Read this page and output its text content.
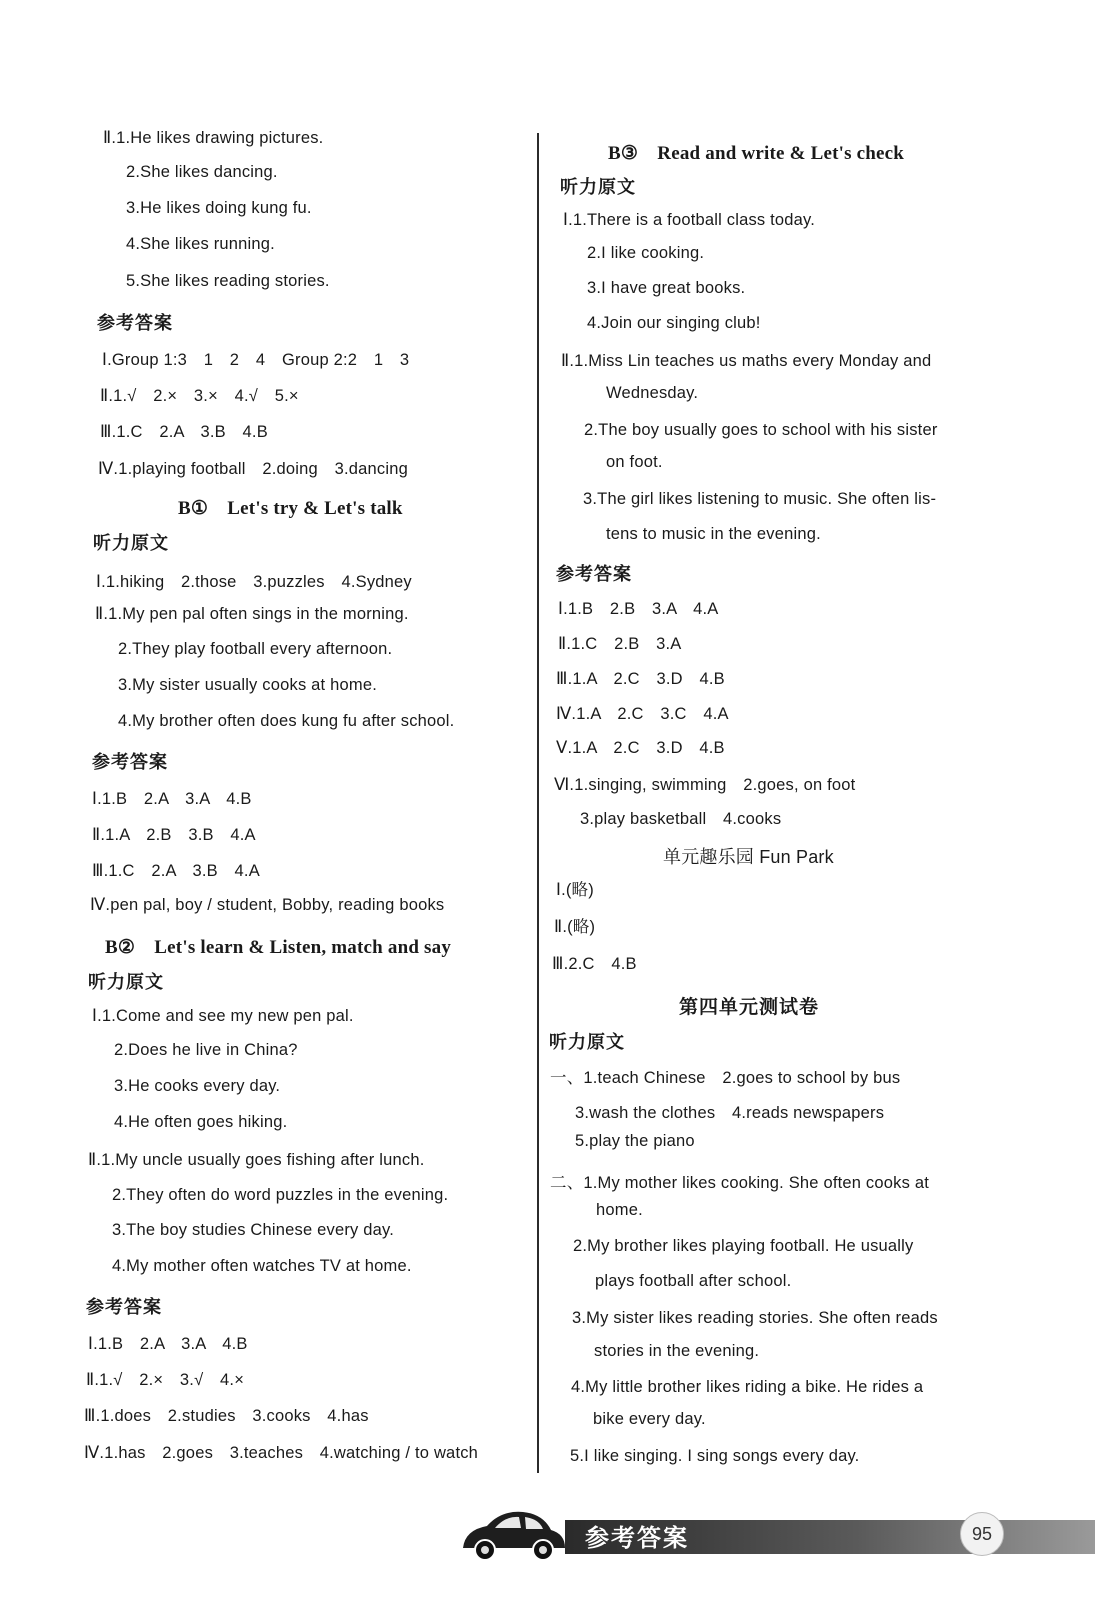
Ⅱ.1.He likes drawing pictures.
2.She likes dancing.
3.He likes doing kung fu.
4.She likes running.
5.She likes reading stories.
参考答案
Ⅰ.Group 1:3　1　2　4　Group 2:2　1　3
Ⅱ.1.√　2.×　3.×　4.√　5.×
Ⅲ.1.C　2.A　3.B　4.B
Ⅳ.1.playing football　2.doing　3.dancing
B①　Let's try & Let's talk
听力原文
Ⅰ.1.hiking　2.those　3.puzzles　4.Sydney
Ⅱ.1.My pen pal often sings in the morning.
2.They play football every afternoon.
3.My sister usually cooks at home.
4.My brother often does kung fu after school.
参考答案
Ⅰ.1.B　2.A　3.A　4.B
Ⅱ.1.A　2.B　3.B　4.A
Ⅲ.1.C　2.A　3.B　4.A
Ⅳ.pen pal, boy / student, Bobby, reading books
B②　Let's learn & Listen, match and say
听力原文
Ⅰ.1.Come and see my new pen pal.
2.Does he live in China?
3.He cooks every day.
4.He often goes hiking.
Ⅱ.1.My uncle usually goes fishing after lunch.
2.They often do word puzzles in the evening.
3.The boy studies Chinese every day.
4.My mother often watches TV at home.
参考答案
Ⅰ.1.B　2.A　3.A　4.B
Ⅱ.1.√　2.×　3.√　4.×
Ⅲ.1.does　2.studies　3.cooks　4.has
Ⅳ.1.has　2.goes　3.teaches　4.watching / to watch
B③　Read and write & Let's check
听力原文
Ⅰ.1.There is a football class today.
2.I like cooking.
3.I have great books.
4.Join our singing club!
Ⅱ.1.Miss Lin teaches us maths every Monday and
Wednesday.
2.The boy usually goes to school with his sister
on foot.
3.The girl likes listening to music. She often lis-
tens to music in the evening.
参考答案
Ⅰ.1.B　2.B　3.A　4.A
Ⅱ.1.C　2.B　3.A
Ⅲ.1.A　2.C　3.D　4.B
Ⅳ.1.A　2.C　3.C　4.A
Ⅴ.1.A　2.C　3.D　4.B
Ⅵ.1.singing, swimming　2.goes, on foot
3.play basketball　4.cooks
单元趣乐园 Fun Park
Ⅰ.(略)
Ⅱ.(略)
Ⅲ.2.C　4.B
第四单元测试卷
听力原文
一、1.teach Chinese　2.goes to school by bus
3.wash the clothes　4.reads newspapers
5.play the piano
二、1.My mother likes cooking. She often cooks at
home.
2.My brother likes playing football. He usually
plays football after school.
3.My sister likes reading stories. She often reads
stories in the evening.
4.My little brother likes riding a bike. He rides a
bike every day.
5.I like singing. I sing songs every day.
参考答案	95
